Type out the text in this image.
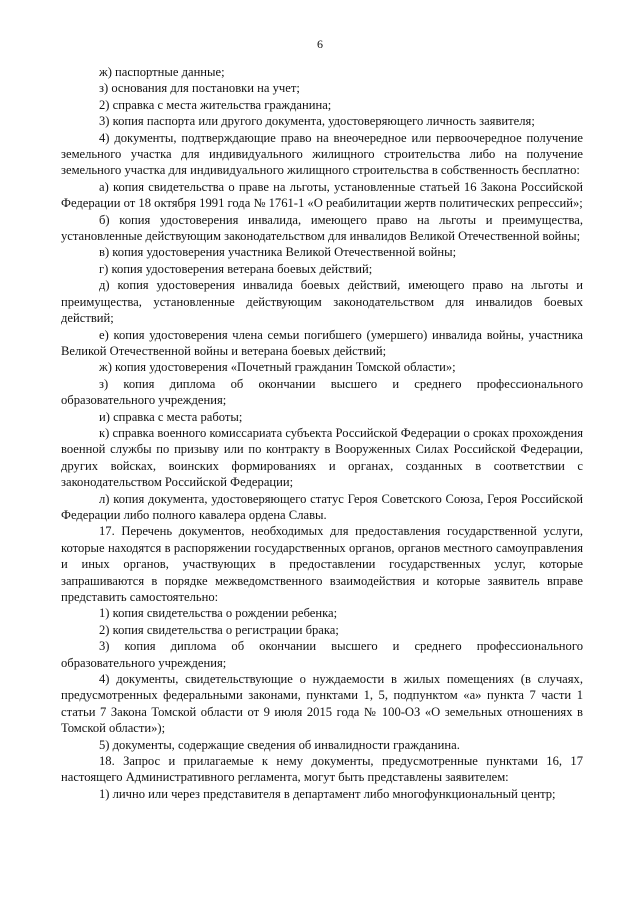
6

ж) паспортные данные;

з) основания для постановки на учет;

2) справка с места жительства гражданина;

3) копия паспорта или другого документа, удостоверяющего личность заявителя;

4) документы, подтверждающие право на внеочередное или первоочередное получение земельного участка для индивидуального жилищного строительства либо на получение земельного участка для индивидуального жилищного строительства в собственность бесплатно:

а) копия свидетельства о праве на льготы, установленные статьей 16 Закона Российской Федерации от 18 октября 1991 года № 1761-1 «О реабилитации жертв политических репрессий»;

б) копия удостоверения инвалида, имеющего право на льготы и преимущества, установленные действующим законодательством для инвалидов Великой Отечественной войны;

в) копия удостоверения участника Великой Отечественной войны;

г) копия удостоверения ветерана боевых действий;

д) копия удостоверения инвалида боевых действий, имеющего право на льготы и преимущества, установленные действующим законодательством для инвалидов боевых действий;

е) копия удостоверения члена семьи погибшего (умершего) инвалида войны, участника Великой Отечественной войны и ветерана боевых действий;

ж) копия удостоверения «Почетный гражданин Томской области»;

з) копия диплома об окончании высшего и среднего профессионального образовательного учреждения;

и) справка с места работы;

к) справка военного комиссариата субъекта Российской Федерации о сроках прохождения военной службы по призыву или по контракту в Вооруженных Силах Российской Федерации, других войсках, воинских формированиях и органах, созданных в соответствии с законодательством Российской Федерации;

л) копия документа, удостоверяющего статус Героя Советского Союза, Героя Российской Федерации либо полного кавалера ордена Славы.

17. Перечень документов, необходимых для предоставления государственной услуги, которые находятся в распоряжении государственных органов, органов местного самоуправления и иных органов, участвующих в предоставлении государственных услуг, которые запрашиваются в порядке межведомственного взаимодействия и которые заявитель вправе представить самостоятельно:

1) копия свидетельства о рождении ребенка;

2) копия свидетельства о регистрации брака;

3) копия диплома об окончании высшего и среднего профессионального образовательного учреждения;

4) документы, свидетельствующие о нуждаемости в жилых помещениях (в случаях, предусмотренных федеральными законами, пунктами 1, 5, подпунктом «а» пункта 7 части 1 статьи 7 Закона Томской области от 9 июля 2015 года № 100-ОЗ «О земельных отношениях в Томской области»);

5) документы, содержащие сведения об инвалидности гражданина.

18. Запрос и прилагаемые к нему документы, предусмотренные пунктами 16, 17 настоящего Административного регламента, могут быть представлены заявителем:

1) лично или через представителя в департамент либо многофункциональный центр;
